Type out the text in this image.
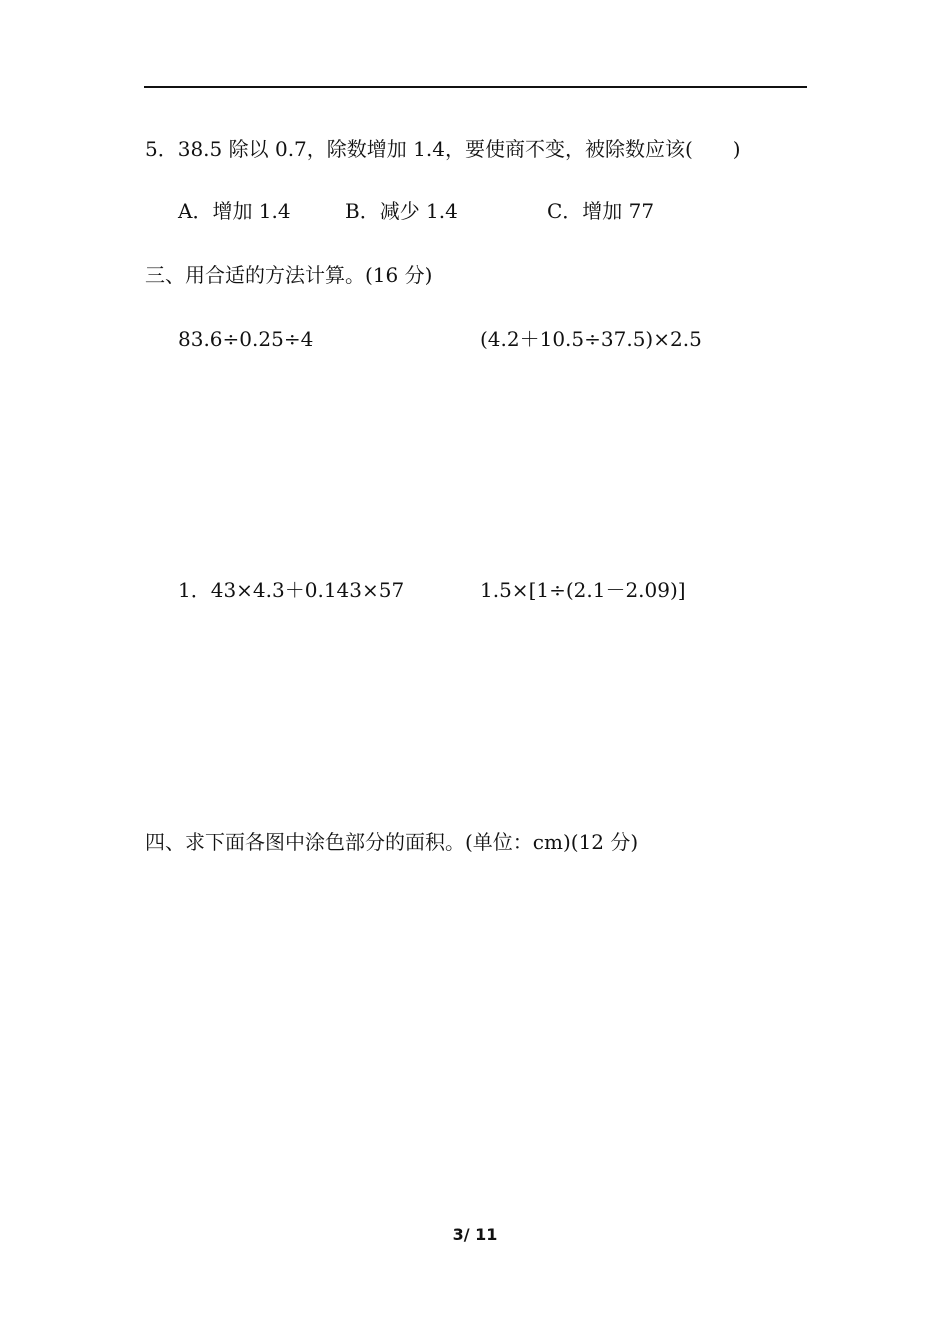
5．38.5 除以 0.7，除数增加 1.4，要使商不变，被除数应该(　　)
A．增加 1.4	B．减少 1.4	C．增加 77
三、用合适的方法计算。(16 分)
83.6÷0.25÷4	(4.2＋10.5÷37.5)×2.5
1．43×4.3＋0.143×57	1.5×[1÷(2.1－2.09)]
四、求下面各图中涂色部分的面积。(单位：cm)(12 分)
3/ 11
